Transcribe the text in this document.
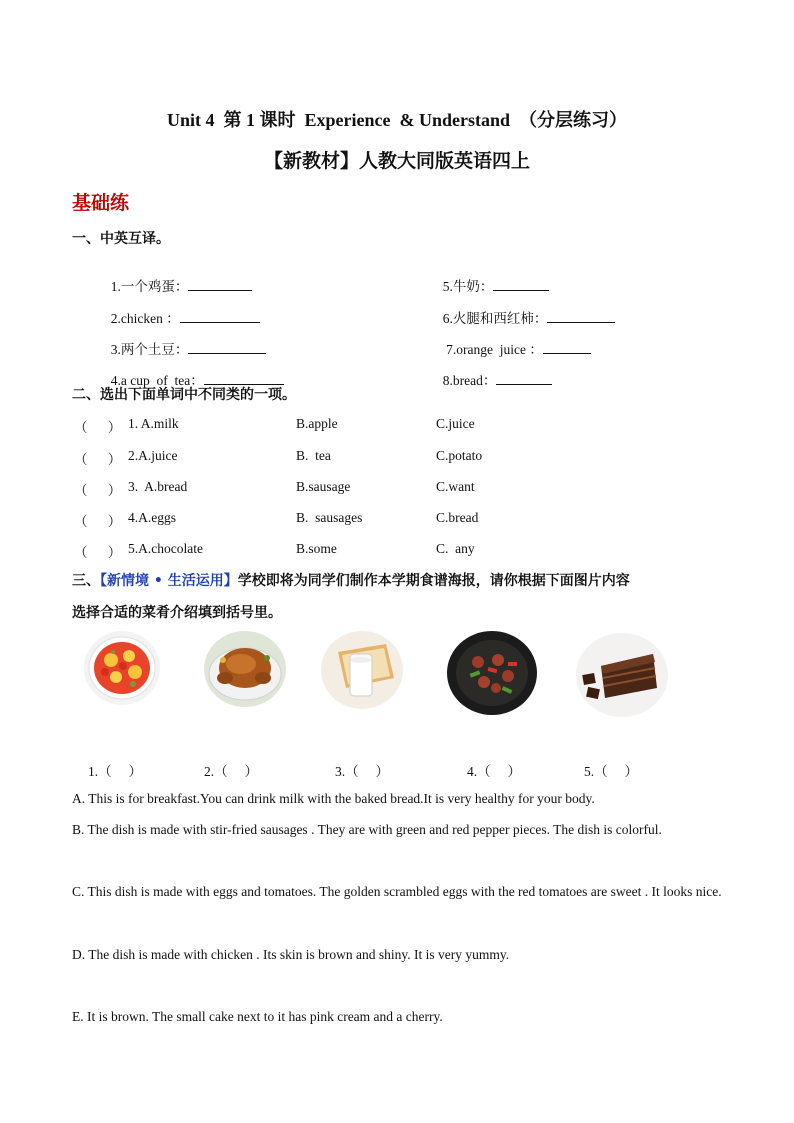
Unit 4  第 1 课时  Experience  & Understand  （分层练习）
【新教材】人教大同版英语四上
基础练
一、中英互译。

1.一个鸡蛋：	5.牛奶：

2.chicken ：	6.火腿和西红柿：

3.两个土豆：	7.orange  juice ：

4.a cup  of  tea：	8.bread：

二、选出下面单词中不同类的一项。
（      ） 1. A.milk	B.apple	C.juice
（      ） 2.A.juice	B.  tea	C.potato
（      ） 3.  A.bread	B.sausage	C.want
（      ） 4.A.eggs	B.  sausages	C.bread
（      ） 5.A.chocolate	B.some	C.  any
三、【新情境 • 生活运用】学校即将为同学们制作本学期食谱海报，请你根据下面图片内容
选择合适的菜肴介绍填到括号里。
1.（     ）	2.（     ）	3.（     ）	4.（     ）	5.（     ）
A. This is for breakfast.You can drink milk with the baked bread.It is very healthy for your body.
B. The dish is made with stir-fried sausages . They are with green and red pepper pieces. The dish is colorful.
C. This dish is made with eggs and tomatoes. The golden scrambled eggs with the red tomatoes are sweet . It looks nice.
D. The dish is made with chicken . Its skin is brown and shiny. It is very yummy.
E. It is brown. The small cake next to it has pink cream and a cherry.
